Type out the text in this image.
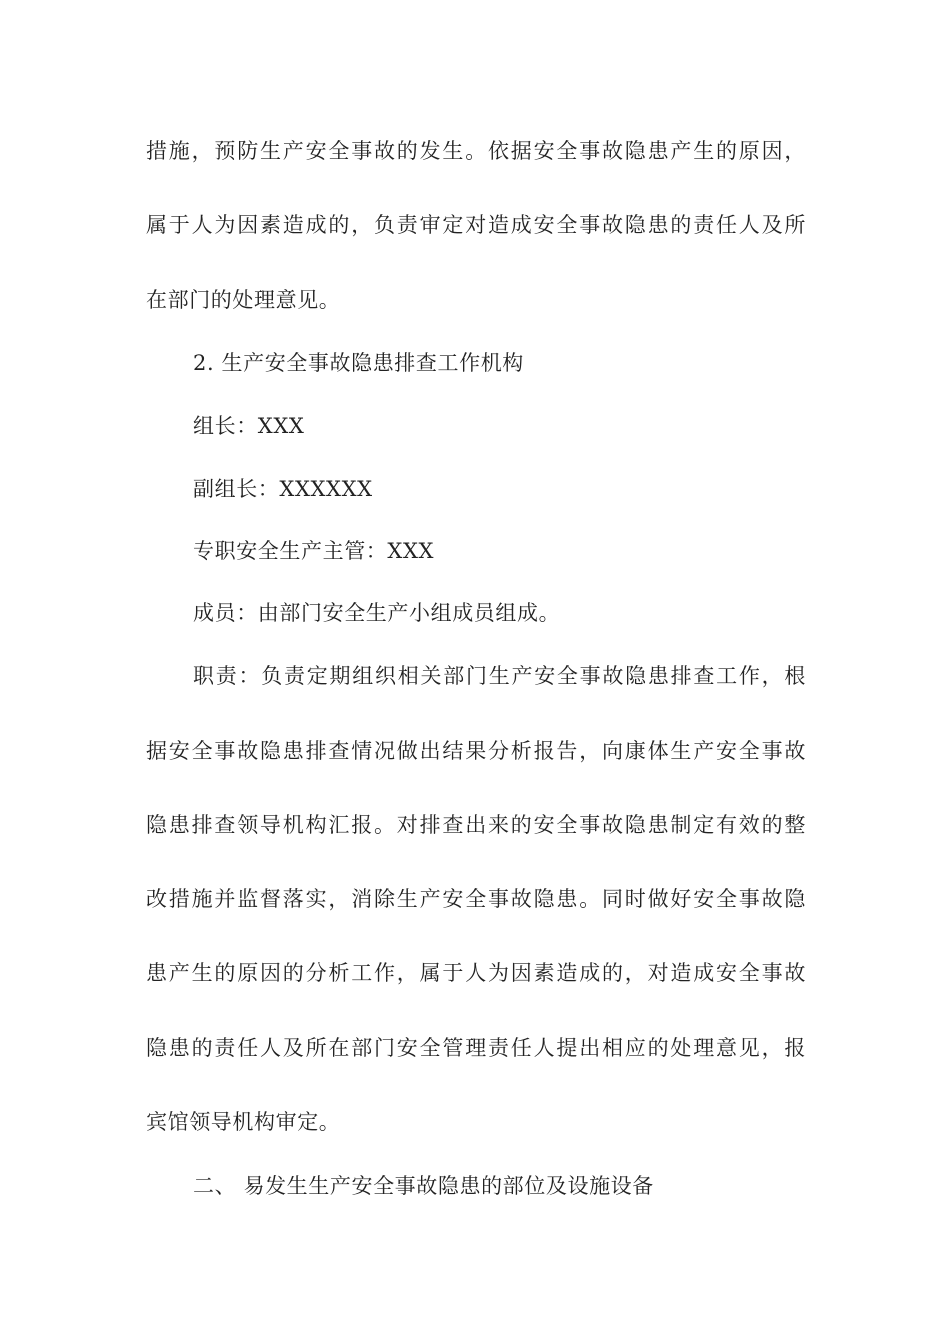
措施，预防生产安全事故的发生。依据安全事故隐患产生的原因，
属于人为因素造成的，负责审定对造成安全事故隐患的责任人及所
在部门的处理意见。
2. 生产安全事故隐患排查工作机构
组长：XXX
副组长：XXXXXX
专职安全生产主管：XXX
成员：由部门安全生产小组成员组成。
职责：负责定期组织相关部门生产安全事故隐患排查工作，根
据安全事故隐患排查情况做出结果分析报告，向康体生产安全事故
隐患排查领导机构汇报。对排查出来的安全事故隐患制定有效的整
改措施并监督落实，消除生产安全事故隐患。同时做好安全事故隐
患产生的原因的分析工作，属于人为因素造成的，对造成安全事故
隐患的责任人及所在部门安全管理责任人提出相应的处理意见，报
宾馆领导机构审定。
二、 易发生生产安全事故隐患的部位及设施设备
